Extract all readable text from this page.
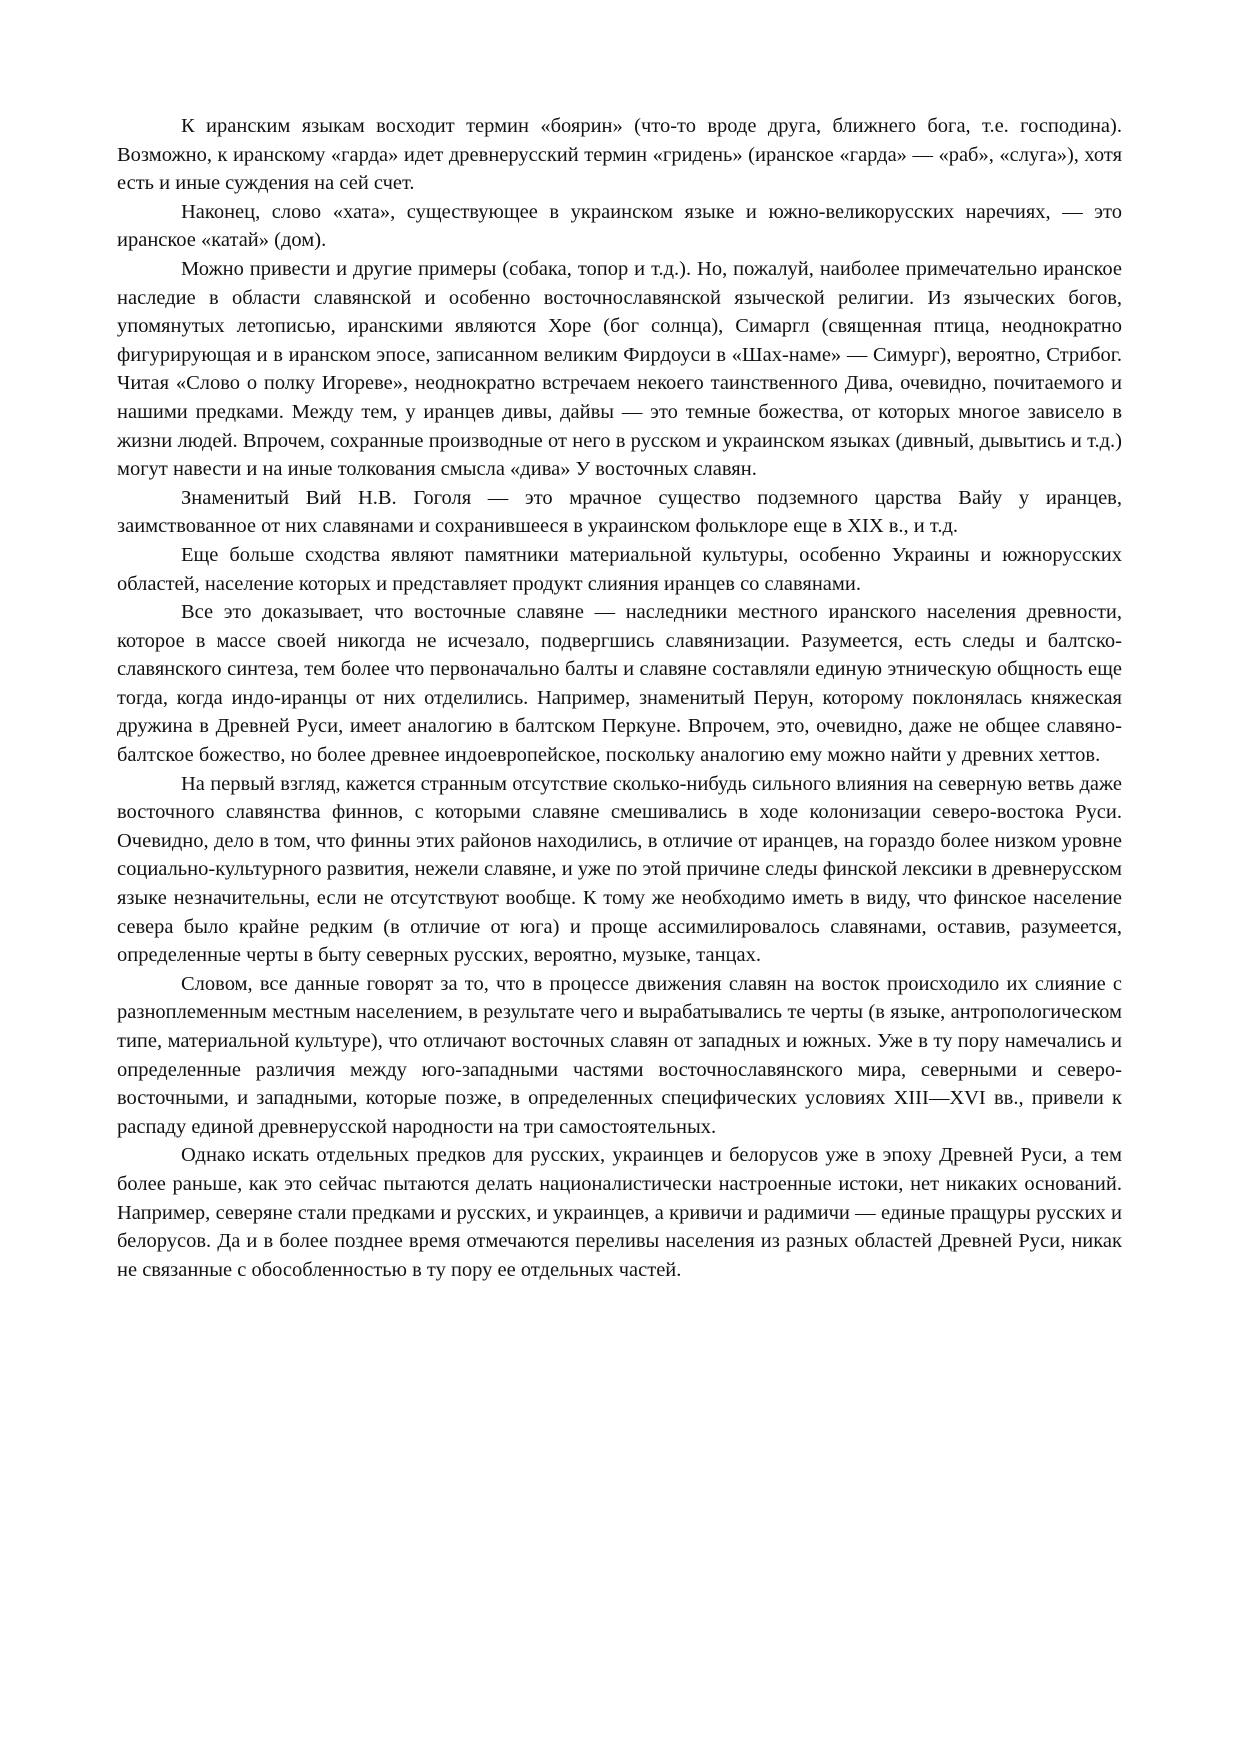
К иранским языкам восходит термин «боярин» (что-то вроде друга, ближнего бога, т.е. господина). Возможно, к иранскому «гарда» идет древнерусский термин «гридень» (иранское «гарда» — «раб», «слуга»), хотя есть и иные суждения на сей счет.

Наконец, слово «хата», существующее в украинском языке и южно-великорусских наречиях, — это иранское «катай» (дом).

Можно привести и другие примеры (собака, топор и т.д.). Но, пожалуй, наиболее примечательно иранское наследие в области славянской и особенно восточнославянской языческой религии. Из языческих богов, упомянутых летописью, иранскими являются Хоре (бог солнца), Симаргл (священная птица, неоднократно фигурирующая и в иранском эпосе, записанном великим Фирдоуси в «Шах-наме» — Симург), вероятно, Стрибог. Читая «Слово о полку Игореве», неоднократно встречаем некоего таинственного Дива, очевидно, почитаемого и нашими предками. Между тем, у иранцев дивы, дайвы — это темные божества, от которых многое зависело в жизни людей. Впрочем, сохранные производные от него в русском и украинском языках (дивный, дывытись и т.д.) могут навести и на иные толкования смысла «дива» У восточных славян.

Знаменитый Вий Н.В. Гоголя — это мрачное существо подземного царства Вайу у иранцев, заимствованное от них славянами и сохранившееся в украинском фольклоре еще в XIX в., и т.д.

Еще больше сходства являют памятники материальной культуры, особенно Украины и южнорусских областей, население которых и представляет продукт слияния иранцев со славянами.

Все это доказывает, что восточные славяне — наследники местного иранского населения древности, которое в массе своей никогда не исчезало, подвергшись славянизации. Разумеется, есть следы и балтско-славянского синтеза, тем более что первоначально балты и славяне составляли единую этническую общность еще тогда, когда индо-иранцы от них отделились. Например, знаменитый Перун, которому поклонялась княжеская дружина в Древней Руси, имеет аналогию в балтском Перкуне. Впрочем, это, очевидно, даже не общее славяно-балтское божество, но более древнее индоевропейское, поскольку аналогию ему можно найти у древних хеттов.

На первый взгляд, кажется странным отсутствие сколько-нибудь сильного влияния на северную ветвь даже восточного славянства финнов, с которыми славяне смешивались в ходе колонизации северо-востока Руси. Очевидно, дело в том, что финны этих районов находились, в отличие от иранцев, на гораздо более низком уровне социально-культурного развития, нежели славяне, и уже по этой причине следы финской лексики в древнерусском языке незначительны, если не отсутствуют вообще. К тому же необходимо иметь в виду, что финское население севера было крайне редким (в отличие от юга) и проще ассимилировалось славянами, оставив, разумеется, определенные черты в быту северных русских, вероятно, музыке, танцах.

Словом, все данные говорят за то, что в процессе движения славян на восток происходило их слияние с разноплеменным местным населением, в результате чего и вырабатывались те черты (в языке, антропологическом типе, материальной культуре), что отличают восточных славян от западных и южных. Уже в ту пору намечались и определенные различия между юго-западными частями восточнославянского мира, северными и северо-восточными, и западными, которые позже, в определенных специфических условиях XIII—XVI вв., привели к распаду единой древнерусской народности на три самостоятельных.

Однако искать отдельных предков для русских, украинцев и белорусов уже в эпоху Древней Руси, а тем более раньше, как это сейчас пытаются делать националистически настроенные истоки, нет никаких оснований. Например, северяне стали предками и русских, и украинцев, а кривичи и радимичи — единые пращуры русских и белорусов. Да и в более позднее время отмечаются переливы населения из разных областей Древней Руси, никак не связанные с обособленностью в ту пору ее отдельных частей.
